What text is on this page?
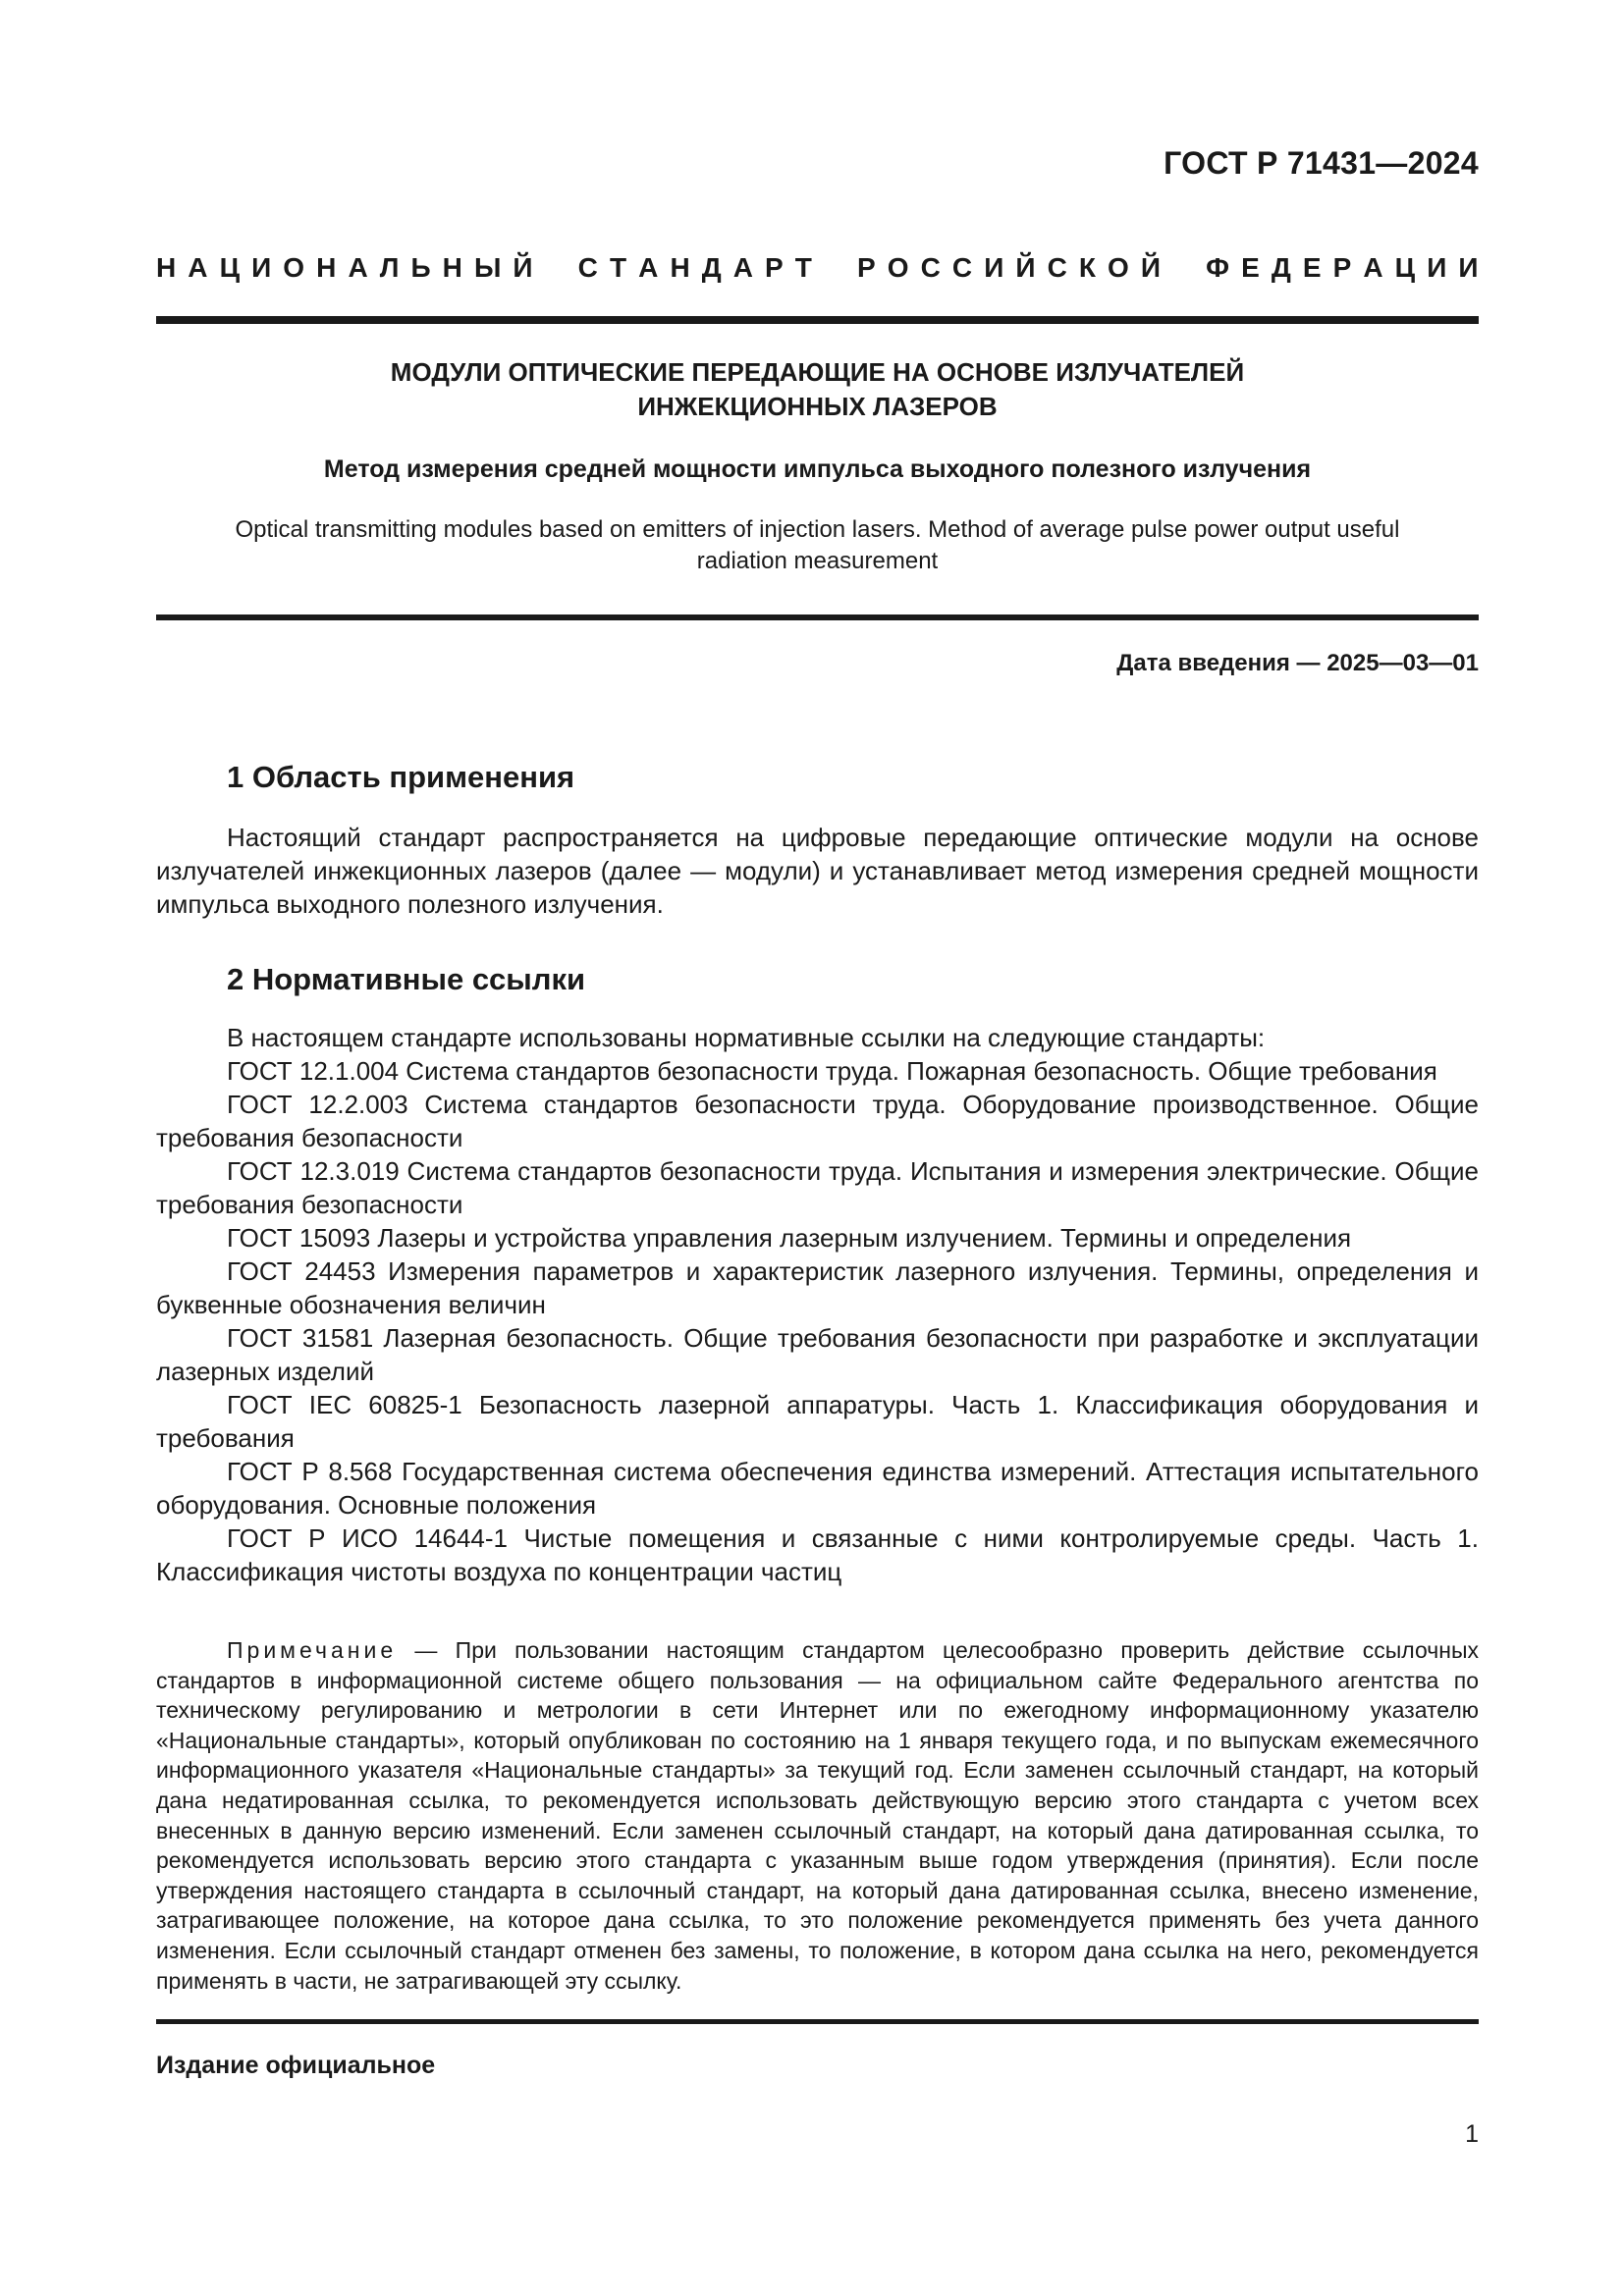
ГОСТ Р 71431—2024
Н А Ц И О Н А Л Ь Н Ы Й С Т А Н Д А Р Т Р О С С И Й С К О Й Ф Е Д Е Р А Ц И И
МОДУЛИ ОПТИЧЕСКИЕ ПЕРЕДАЮЩИЕ НА ОСНОВЕ ИЗЛУЧАТЕЛЕЙ
ИНЖЕКЦИОННЫХ ЛАЗЕРОВ
Метод измерения средней мощности импульса выходного полезного излучения
Optical transmitting modules based on emitters of injection lasers. Method of average pulse power output useful radiation measurement
Дата введения — 2025—03—01
1 Область применения

Настоящий стандарт распространяется на цифровые передающие оптические модули на основе излучателей инжекционных лазеров (далее — модули) и устанавливает метод измерения средней мощности импульса выходного полезного излучения.

2 Нормативные ссылки

В настоящем стандарте использованы нормативные ссылки на следующие стандарты:

ГОСТ 12.1.004 Система стандартов безопасности труда. Пожарная безопасность. Общие требования

ГОСТ 12.2.003 Система стандартов безопасности труда. Оборудование производственное. Общие требования безопасности

ГОСТ 12.3.019 Система стандартов безопасности труда. Испытания и измерения электрические. Общие требования безопасности

ГОСТ 15093 Лазеры и устройства управления лазерным излучением. Термины и определения

ГОСТ 24453 Измерения параметров и характеристик лазерного излучения. Термины, определения и буквенные обозначения величин

ГОСТ 31581 Лазерная безопасность. Общие требования безопасности при разработке и эксплуатации лазерных изделий

ГОСТ IEC 60825-1 Безопасность лазерной аппаратуры. Часть 1. Классификация оборудования и требования

ГОСТ Р 8.568 Государственная система обеспечения единства измерений. Аттестация испытательного оборудования. Основные положения

ГОСТ Р ИСО 14644-1 Чистые помещения и связанные с ними контролируемые среды. Часть 1. Классификация чистоты воздуха по концентрации частиц

Примечание — При пользовании настоящим стандартом целесообразно проверить действие ссылочных стандартов в информационной системе общего пользования — на официальном сайте Федерального агентства по техническому регулированию и метрологии в сети Интернет или по ежегодному информационному указателю «Национальные стандарты», который опубликован по состоянию на 1 января текущего года, и по выпускам ежемесячного информационного указателя «Национальные стандарты» за текущий год. Если заменен ссылочный стандарт, на который дана недатированная ссылка, то рекомендуется использовать действующую версию этого стандарта с учетом всех внесенных в данную версию изменений. Если заменен ссылочный стандарт, на который дана датированная ссылка, то рекомендуется использовать версию этого стандарта с указанным выше годом утверждения (принятия). Если после утверждения настоящего стандарта в ссылочный стандарт, на который дана датированная ссылка, внесено изменение, затрагивающее положение, на которое дана ссылка, то это положение рекомендуется применять без учета данного изменения. Если ссылочный стандарт отменен без замены, то положение, в котором дана ссылка на него, рекомендуется применять в части, не затрагивающей эту ссылку.
Издание официальное
1
